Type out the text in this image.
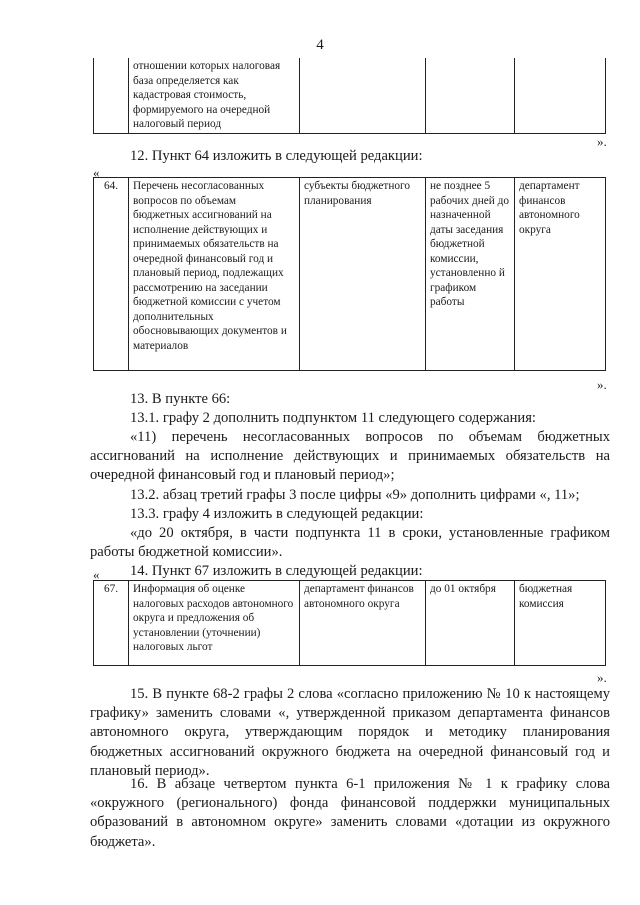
4
	отношении которых налоговая база определяется как кадастровая стоимость, формируемого на очередной налоговый период			
».
12. Пункт 64 изложить в следующей редакции:
«
64.	Перечень несогласованных вопросов по объемам бюджетных ассигнований на исполнение действующих и принимаемых обязательств на очередной финансовый год и плановый период, подлежащих рассмотрению на заседании бюджетной комиссии с учетом дополнительных обосновывающих документов и материалов	субъекты бюджетного планирования	не позднее 5 рабочих дней до назначенной даты заседания бюджетной комиссии, установленно й графиком работы	департамент финансов автономного округа
».
13. В пункте 66:
13.1. графу 2 дополнить подпунктом 11 следующего содержания:
«11) перечень несогласованных вопросов по объемам бюджетных ассигнований на исполнение действующих и принимаемых обязательств на очередной финансовый год и плановый период»;
13.2. абзац третий графы 3 после цифры «9» дополнить цифрами «, 11»;
13.3. графу 4 изложить в следующей редакции:
«до 20 октября, в части подпункта 11 в сроки, установленные графиком работы бюджетной комиссии».
14. Пункт 67 изложить в следующей редакции:
«
67.	Информация об оценке налоговых расходов автономного округа и предложения об установлении (уточнении) налоговых льгот	департамент финансов автономного округа	до 01 октября	бюджетная комиссия
».
15. В пункте 68-2 графы 2 слова «согласно приложению № 10 к настоящему графику» заменить словами «, утвержденной приказом департамента финансов автономного округа, утверждающим порядок и методику планирования бюджетных ассигнований окружного бюджета на очередной финансовый год и плановый период».
16. В абзаце четвертом пункта 6-1 приложения № 1 к графику слова «окружного (регионального) фонда финансовой поддержки муниципальных образований в автономном округе» заменить словами «дотации из окружного бюджета».
